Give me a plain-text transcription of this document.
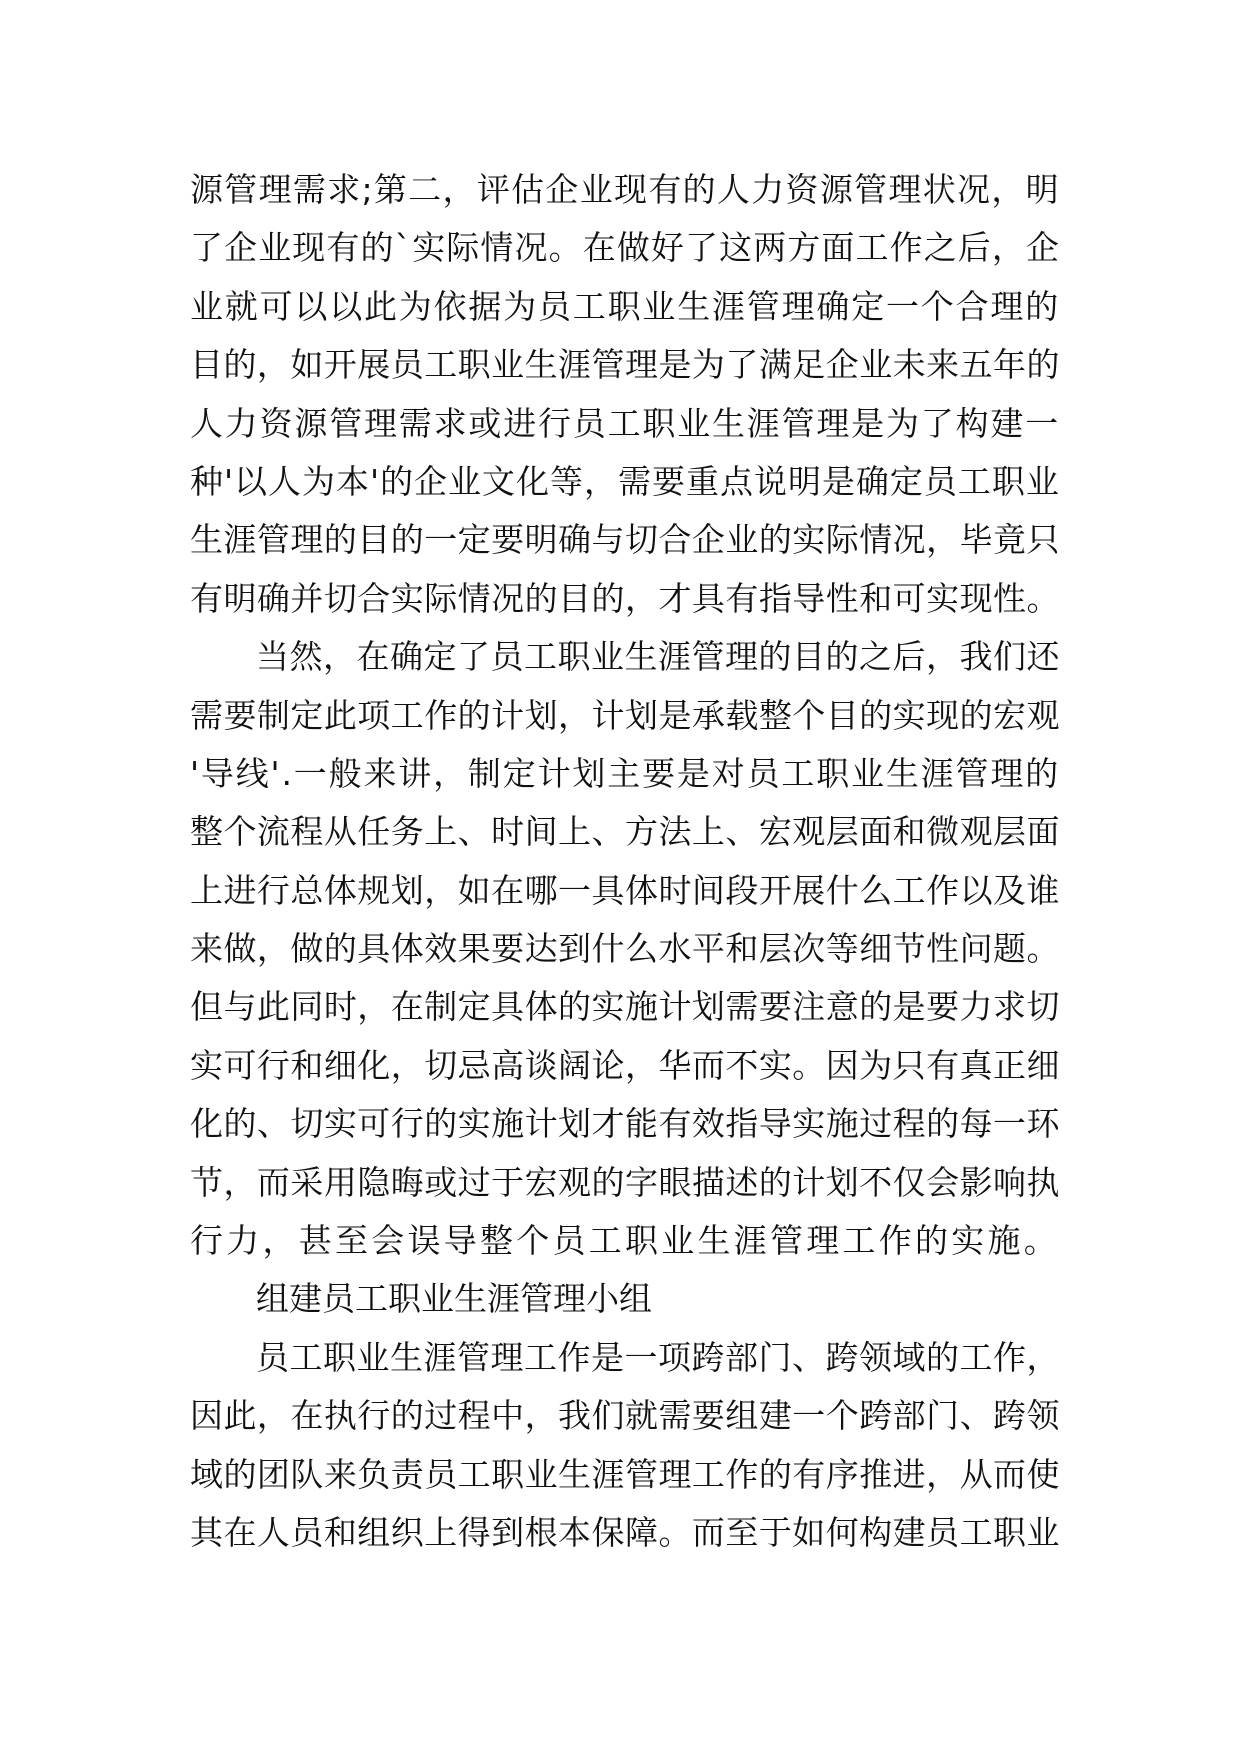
源管理需求;第二，评估企业现有的人力资源管理状况，明
了企业现有的`实际情况。在做好了这两方面工作之后，企
业就可以以此为依据为员工职业生涯管理确定一个合理的
目的，如开展员工职业生涯管理是为了满足企业未来五年的
人力资源管理需求或进行员工职业生涯管理是为了构建一
种'以人为本'的企业文化等，需要重点说明是确定员工职业
生涯管理的目的一定要明确与切合企业的实际情况，毕竟只
有明确并切合实际情况的目的，才具有指导性和可实现性。
当然，在确定了员工职业生涯管理的目的之后，我们还
需要制定此项工作的计划，计划是承载整个目的实现的宏观
'导线'.一般来讲，制定计划主要是对员工职业生涯管理的
整个流程从任务上、时间上、方法上、宏观层面和微观层面
上进行总体规划，如在哪一具体时间段开展什么工作以及谁
来做，做的具体效果要达到什么水平和层次等细节性问题。
但与此同时，在制定具体的实施计划需要注意的是要力求切
实可行和细化，切忌高谈阔论，华而不实。因为只有真正细
化的、切实可行的实施计划才能有效指导实施过程的每一环
节，而采用隐晦或过于宏观的字眼描述的计划不仅会影响执
行力，甚至会误导整个员工职业生涯管理工作的实施。
组建员工职业生涯管理小组
员工职业生涯管理工作是一项跨部门、跨领域的工作，
因此，在执行的过程中，我们就需要组建一个跨部门、跨领
域的团队来负责员工职业生涯管理工作的有序推进，从而使
其在人员和组织上得到根本保障。而至于如何构建员工职业
